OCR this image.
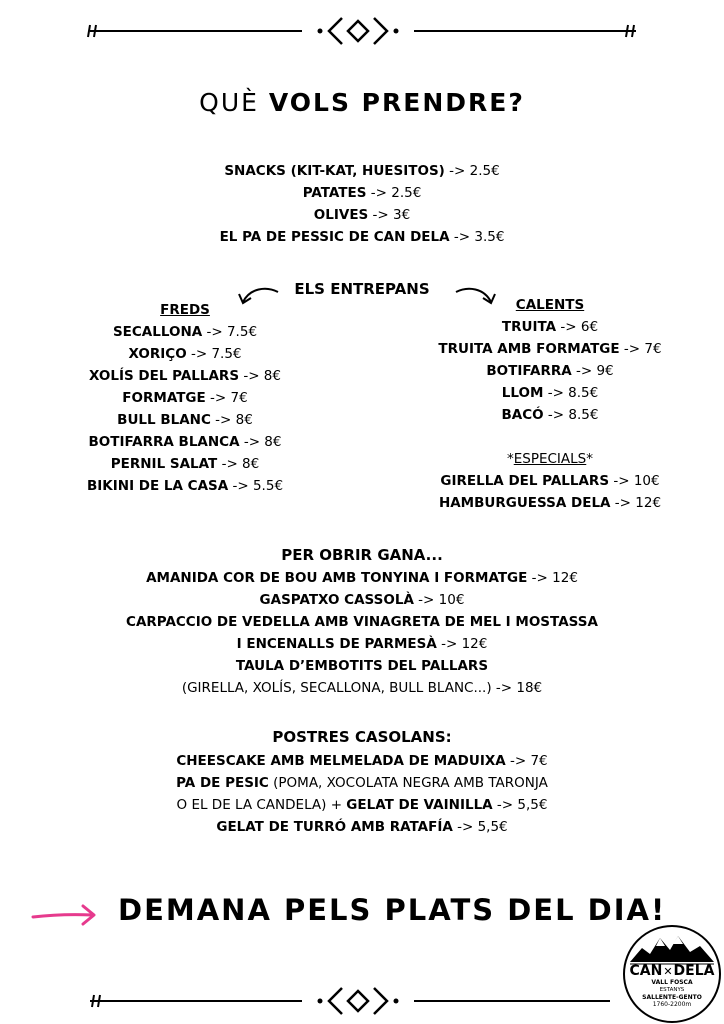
QUÈ VOLS PRENDRE?
SNACKS (KIT-KAT, HUESITOS) -> 2.5€
PATATES -> 2.5€
OLIVES -> 3€
EL PA DE PESSIC DE CAN DELA -> 3.5€
ELS ENTREPANS
FREDS
SECALLONA -> 7.5€
XORIÇO -> 7.5€
XOLÍS DEL PALLARS -> 8€
FORMATGE -> 7€
BULL BLANC -> 8€
BOTIFARRA BLANCA -> 8€
PERNIL SALAT -> 8€
BIKINI DE LA CASA -> 5.5€
CALENTS
TRUITA -> 6€
TRUITA AMB FORMATGE -> 7€
BOTIFARRA -> 9€
LLOM -> 8.5€
BACÓ -> 8.5€
*ESPECIALS*
GIRELLA DEL PALLARS -> 10€
HAMBURGUESSA DELA -> 12€
PER OBRIR GANA...
AMANIDA COR DE BOU AMB TONYINA I FORMATGE -> 12€
GASPATXO CASSOLÀ -> 10€
CARPACCIO DE VEDELLA AMB VINAGRETA DE MEL I MOSTASSA
I ENCENALLS DE PARMESÀ -> 12€
TAULA D’EMBOTITS DEL PALLARS
(GIRELLA, XOLÍS, SECALLONA, BULL BLANC...) -> 18€
POSTRES CASOLANS:
CHEESCAKE AMB MELMELADA DE MADUIXA -> 7€
PA DE PESIC (POMA, XOCOLATA NEGRA AMB TARONJA
O EL DE LA CANDELA) + GELAT DE VAINILLA -> 5,5€
GELAT DE TURRÓ AMB RATAFÍA -> 5,5€
DEMANA PELS PLATS DEL DIA!
CAN✕DELA
VALL FOSCA
ESTANYS
SALLENTE-GENTO
1760-2200m
